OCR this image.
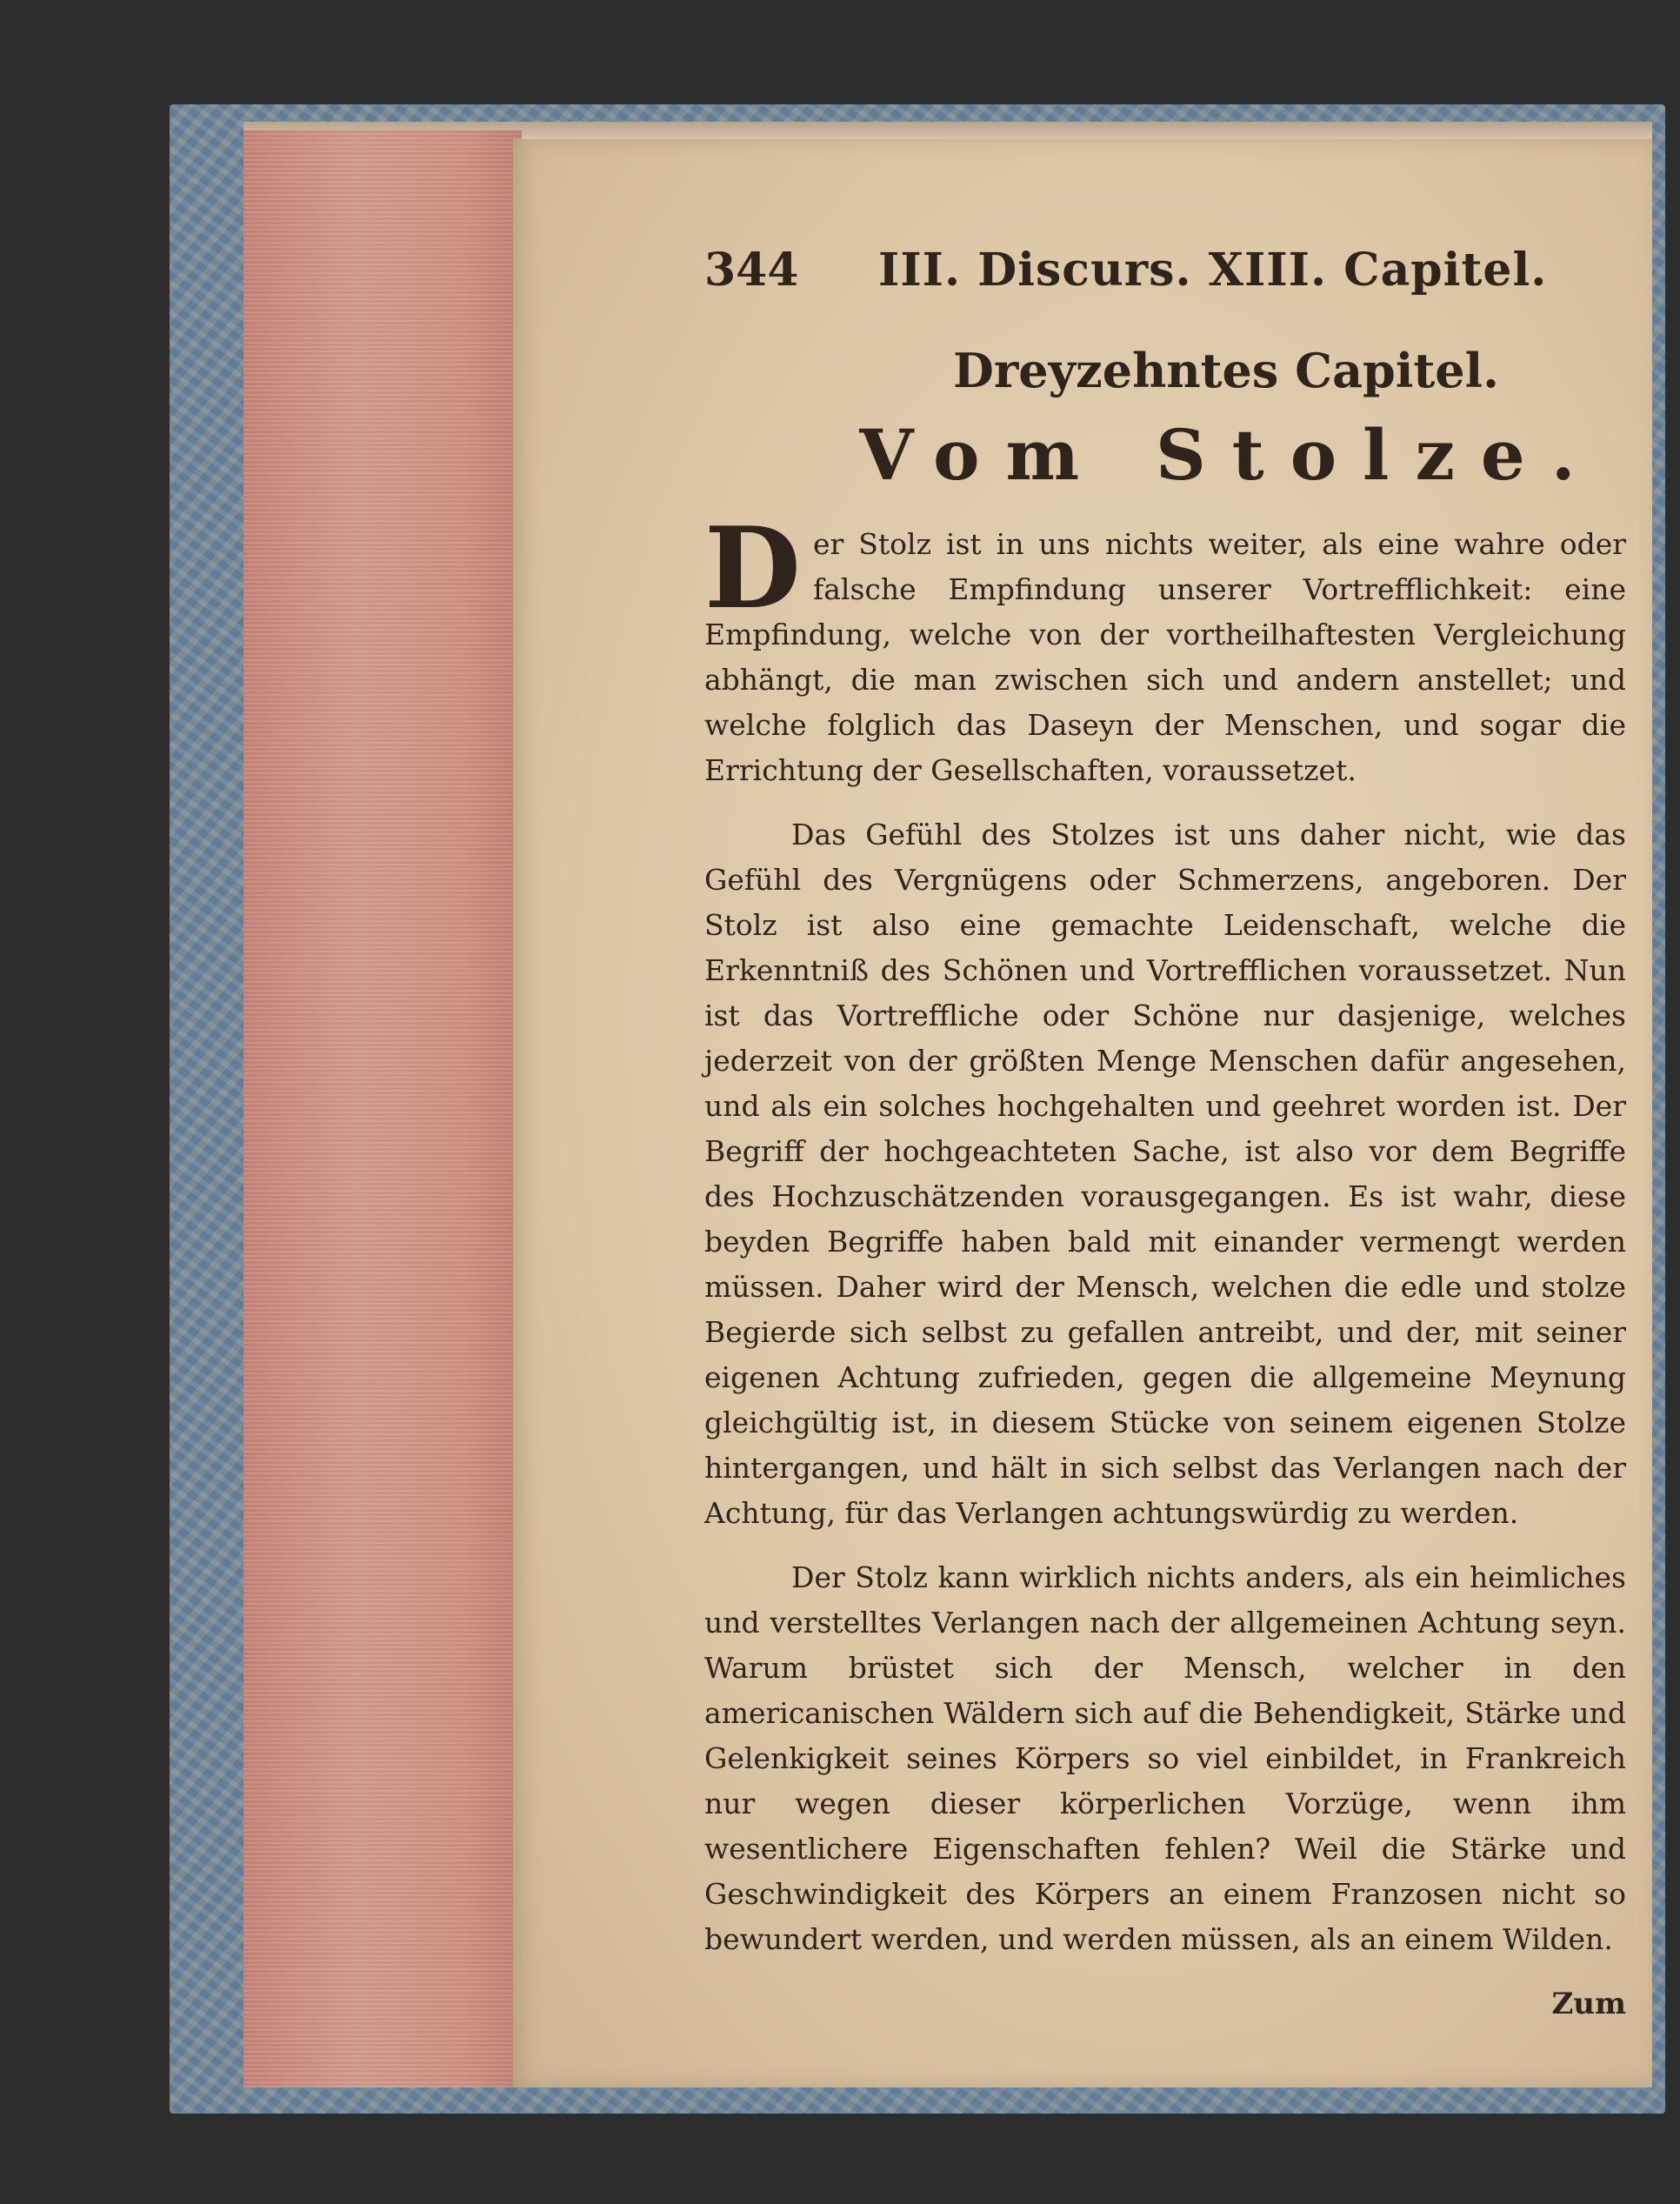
344	III. Discurs. XIII. Capitel.
Dreyzehntes Capitel.
Vom Stolze.

Der Stolz ist in uns nichts weiter, als eine wahre oder falsche Empfindung unserer Vortrefflichkeit: eine Empfindung, welche von der vortheilhaftesten Vergleichung abhängt, die man zwischen sich und andern anstellet; und welche folglich das Daseyn der Menschen, und sogar die Errichtung der Gesellschaften, voraussetzet.

Das Gefühl des Stolzes ist uns daher nicht, wie das Gefühl des Vergnügens oder Schmerzens, angeboren. Der Stolz ist also eine gemachte Leidenschaft, welche die Erkenntniß des Schönen und Vortrefflichen voraussetzet. Nun ist das Vortreffliche oder Schöne nur dasjenige, welches jederzeit von der größten Menge Menschen dafür angesehen, und als ein solches hochgehalten und geehret worden ist. Der Begriff der hochgeachteten Sache, ist also vor dem Begriffe des Hochzuschätzenden vorausgegangen. Es ist wahr, diese beyden Begriffe haben bald mit einander vermengt werden müssen. Daher wird der Mensch, welchen die edle und stolze Begierde sich selbst zu gefallen antreibt, und der, mit seiner eigenen Achtung zufrieden, gegen die allgemeine Meynung gleichgültig ist, in diesem Stücke von seinem eigenen Stolze hintergangen, und hält in sich selbst das Verlangen nach der Achtung, für das Verlangen achtungswürdig zu werden.

Der Stolz kann wirklich nichts anders, als ein heimliches und verstelltes Verlangen nach der allgemeinen Achtung seyn. Warum brüstet sich der Mensch, welcher in den americanischen Wäldern sich auf die Behendigkeit, Stärke und Gelenkigkeit seines Körpers so viel einbildet, in Frankreich nur wegen dieser körperlichen Vorzüge, wenn ihm wesentlichere Eigenschaften fehlen? Weil die Stärke und Geschwindigkeit des Körpers an einem Franzosen nicht so bewundert werden, und werden müssen, als an einem Wilden.

Zum
